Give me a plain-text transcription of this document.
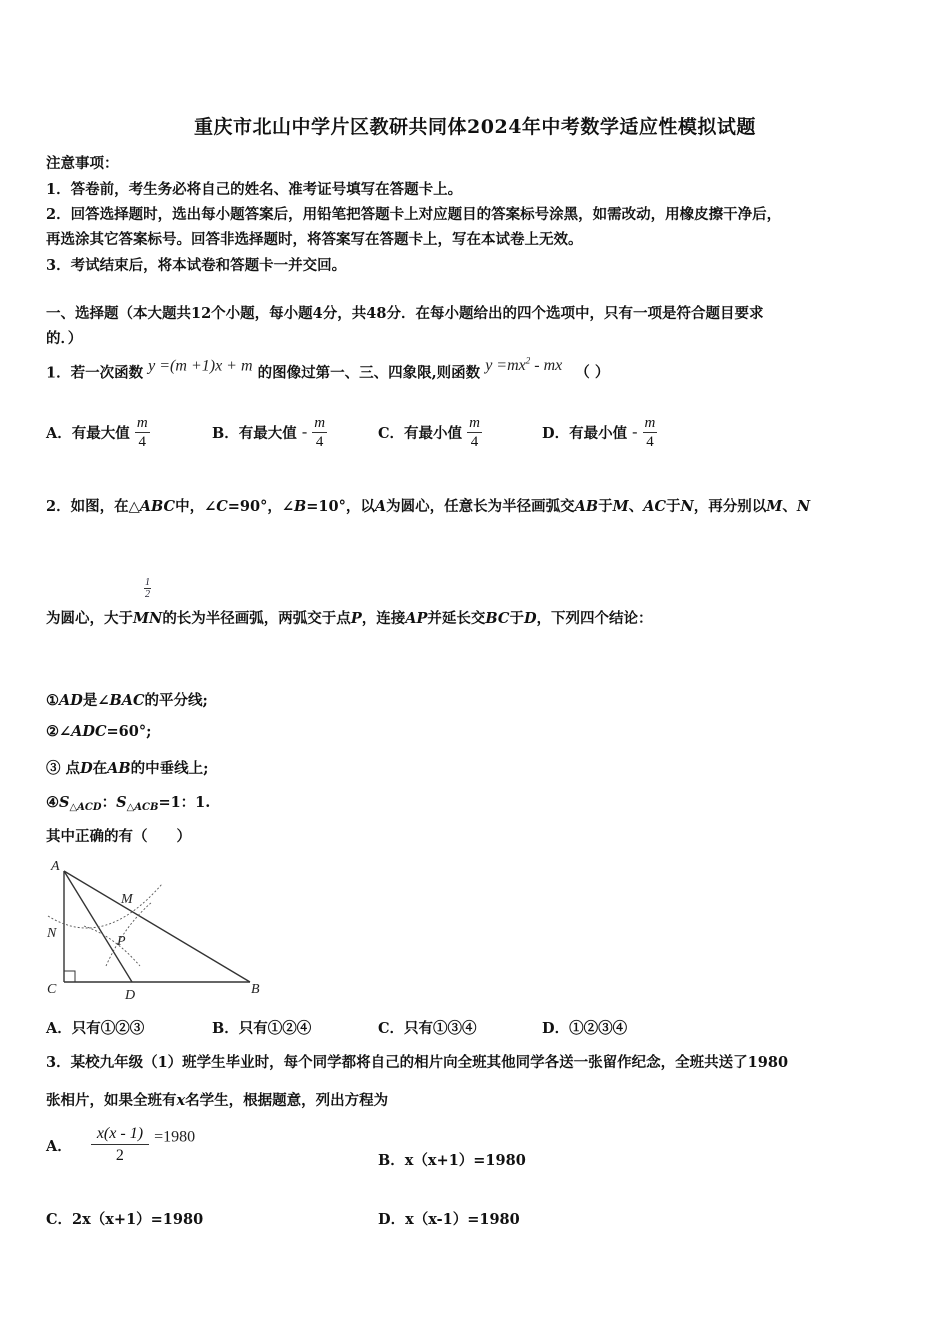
重庆市北山中学片区教研共同体2024年中考数学适应性模拟试题
注意事项：
1．答卷前，考生务必将自己的姓名、准考证号填写在答题卡上。
2．回答选择题时，选出每小题答案后，用铅笔把答题卡上对应题目的答案标号涂黑，如需改动，用橡皮擦干净后，
再选涂其它答案标号。回答非选择题时，将答案写在答题卡上，写在本试卷上无效。
3．考试结束后，将本试卷和答题卡一并交回。
一、选择题（本大题共12个小题，每小题4分，共48分．在每小题给出的四个选项中，只有一项是符合题目要求
的．）
1．若一次函数 y =(m +1)x + m 的图像过第一、三、四象限,则函数 $y =mx^2$ - mx （ ）
A．有最大值 $\frac{m}{4}$	B．有最大值 - $\frac{m}{4}$	C．有最小值 $\frac{m}{4}$	D．有最小值 - $\frac{m}{4}$
2．如图，在△ABC中，∠C=90°，∠B=10°，以A为圆心，任意长为半径画弧交AB于M、AC于N，再分别以M、N
$\frac{1}{2}$
为圆心，大于MN的长为半径画弧，两弧交于点P，连接AP并延长交BC于D，下列四个结论：
①AD是∠BAC的平分线;
②∠ADC=60°;
③ 点D在AB的中垂线上;
$④S_{\triangle ACD}$：$S_{\triangle ACB}=1$：1.
其中正确的有（　　）
A
M
N
P
C	D	B
A．只有①②③	B．只有①②④	C．只有①③④	D．①②③④
3．某校九年级（1）班学生毕业时，每个同学都将自己的相片向全班其他同学各送一张留作纪念，全班共送了1980
张相片，如果全班有x名学生，根据题意，列出方程为
A． $\frac{x(x - 1)}{2} =1980$
B．x（x+1）=1980
C．2x（x+1）=1980	D．x（x-1）=1980
